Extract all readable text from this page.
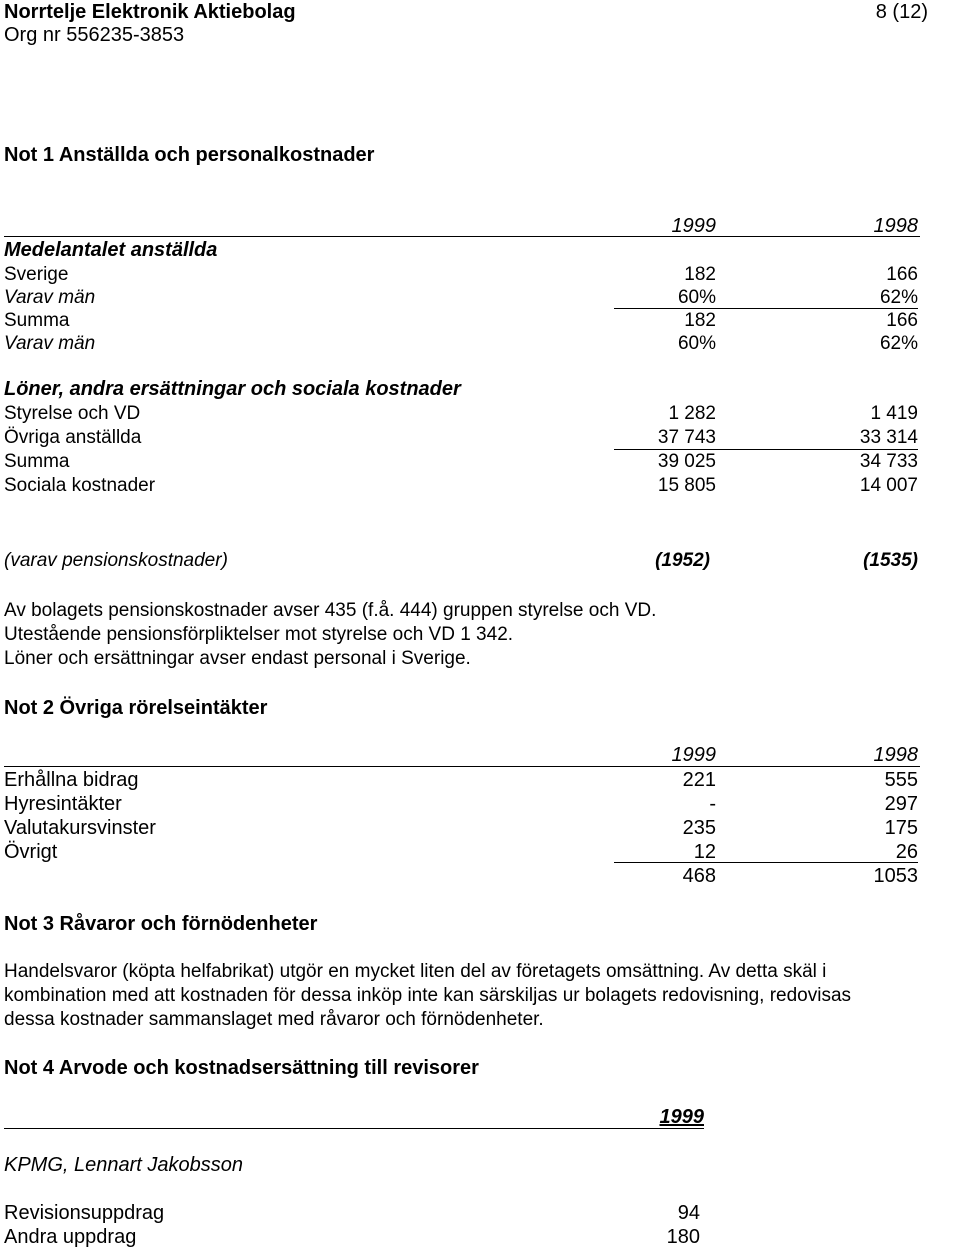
Norrtelje Elektronik Aktiebolag
Org nr 556235-3853
8 (12)
Not 1 Anställda och personalkostnader
1999	1998
Medelantalet anställda
Sverige	182	166
Varav män	60%	62%
Summa	182	166
Varav män	60%	62%
Löner, andra ersättningar och sociala kostnader
Styrelse och VD	1 282	1 419
Övriga anställda	37 743	33 314
Summa	39 025	34 733
Sociala kostnader	15 805	14 007
(varav pensionskostnader)	(1952)	(1535)
Av bolagets pensionskostnader avser 435 (f.å. 444) gruppen styrelse och VD.
Utestående pensionsförpliktelser mot styrelse och VD 1 342.
Löner och ersättningar avser endast personal i Sverige.
Not 2 Övriga rörelseintäkter
1999	1998
Erhållna bidrag	221	555
Hyresintäkter	-	297
Valutakursvinster	235	175
Övrigt	12	26
468	1053
Not 3 Råvaror och förnödenheter
Handelsvaror (köpta helfabrikat) utgör en mycket liten del av företagets omsättning. Av detta skäl i
kombination med att kostnaden för dessa inköp inte kan särskiljas ur bolagets redovisning, redovisas
dessa kostnader sammanslaget med råvaror och förnödenheter.
Not 4 Arvode och kostnadsersättning till revisorer
1999
KPMG, Lennart Jakobsson
Revisionsuppdrag	94
Andra uppdrag	180
